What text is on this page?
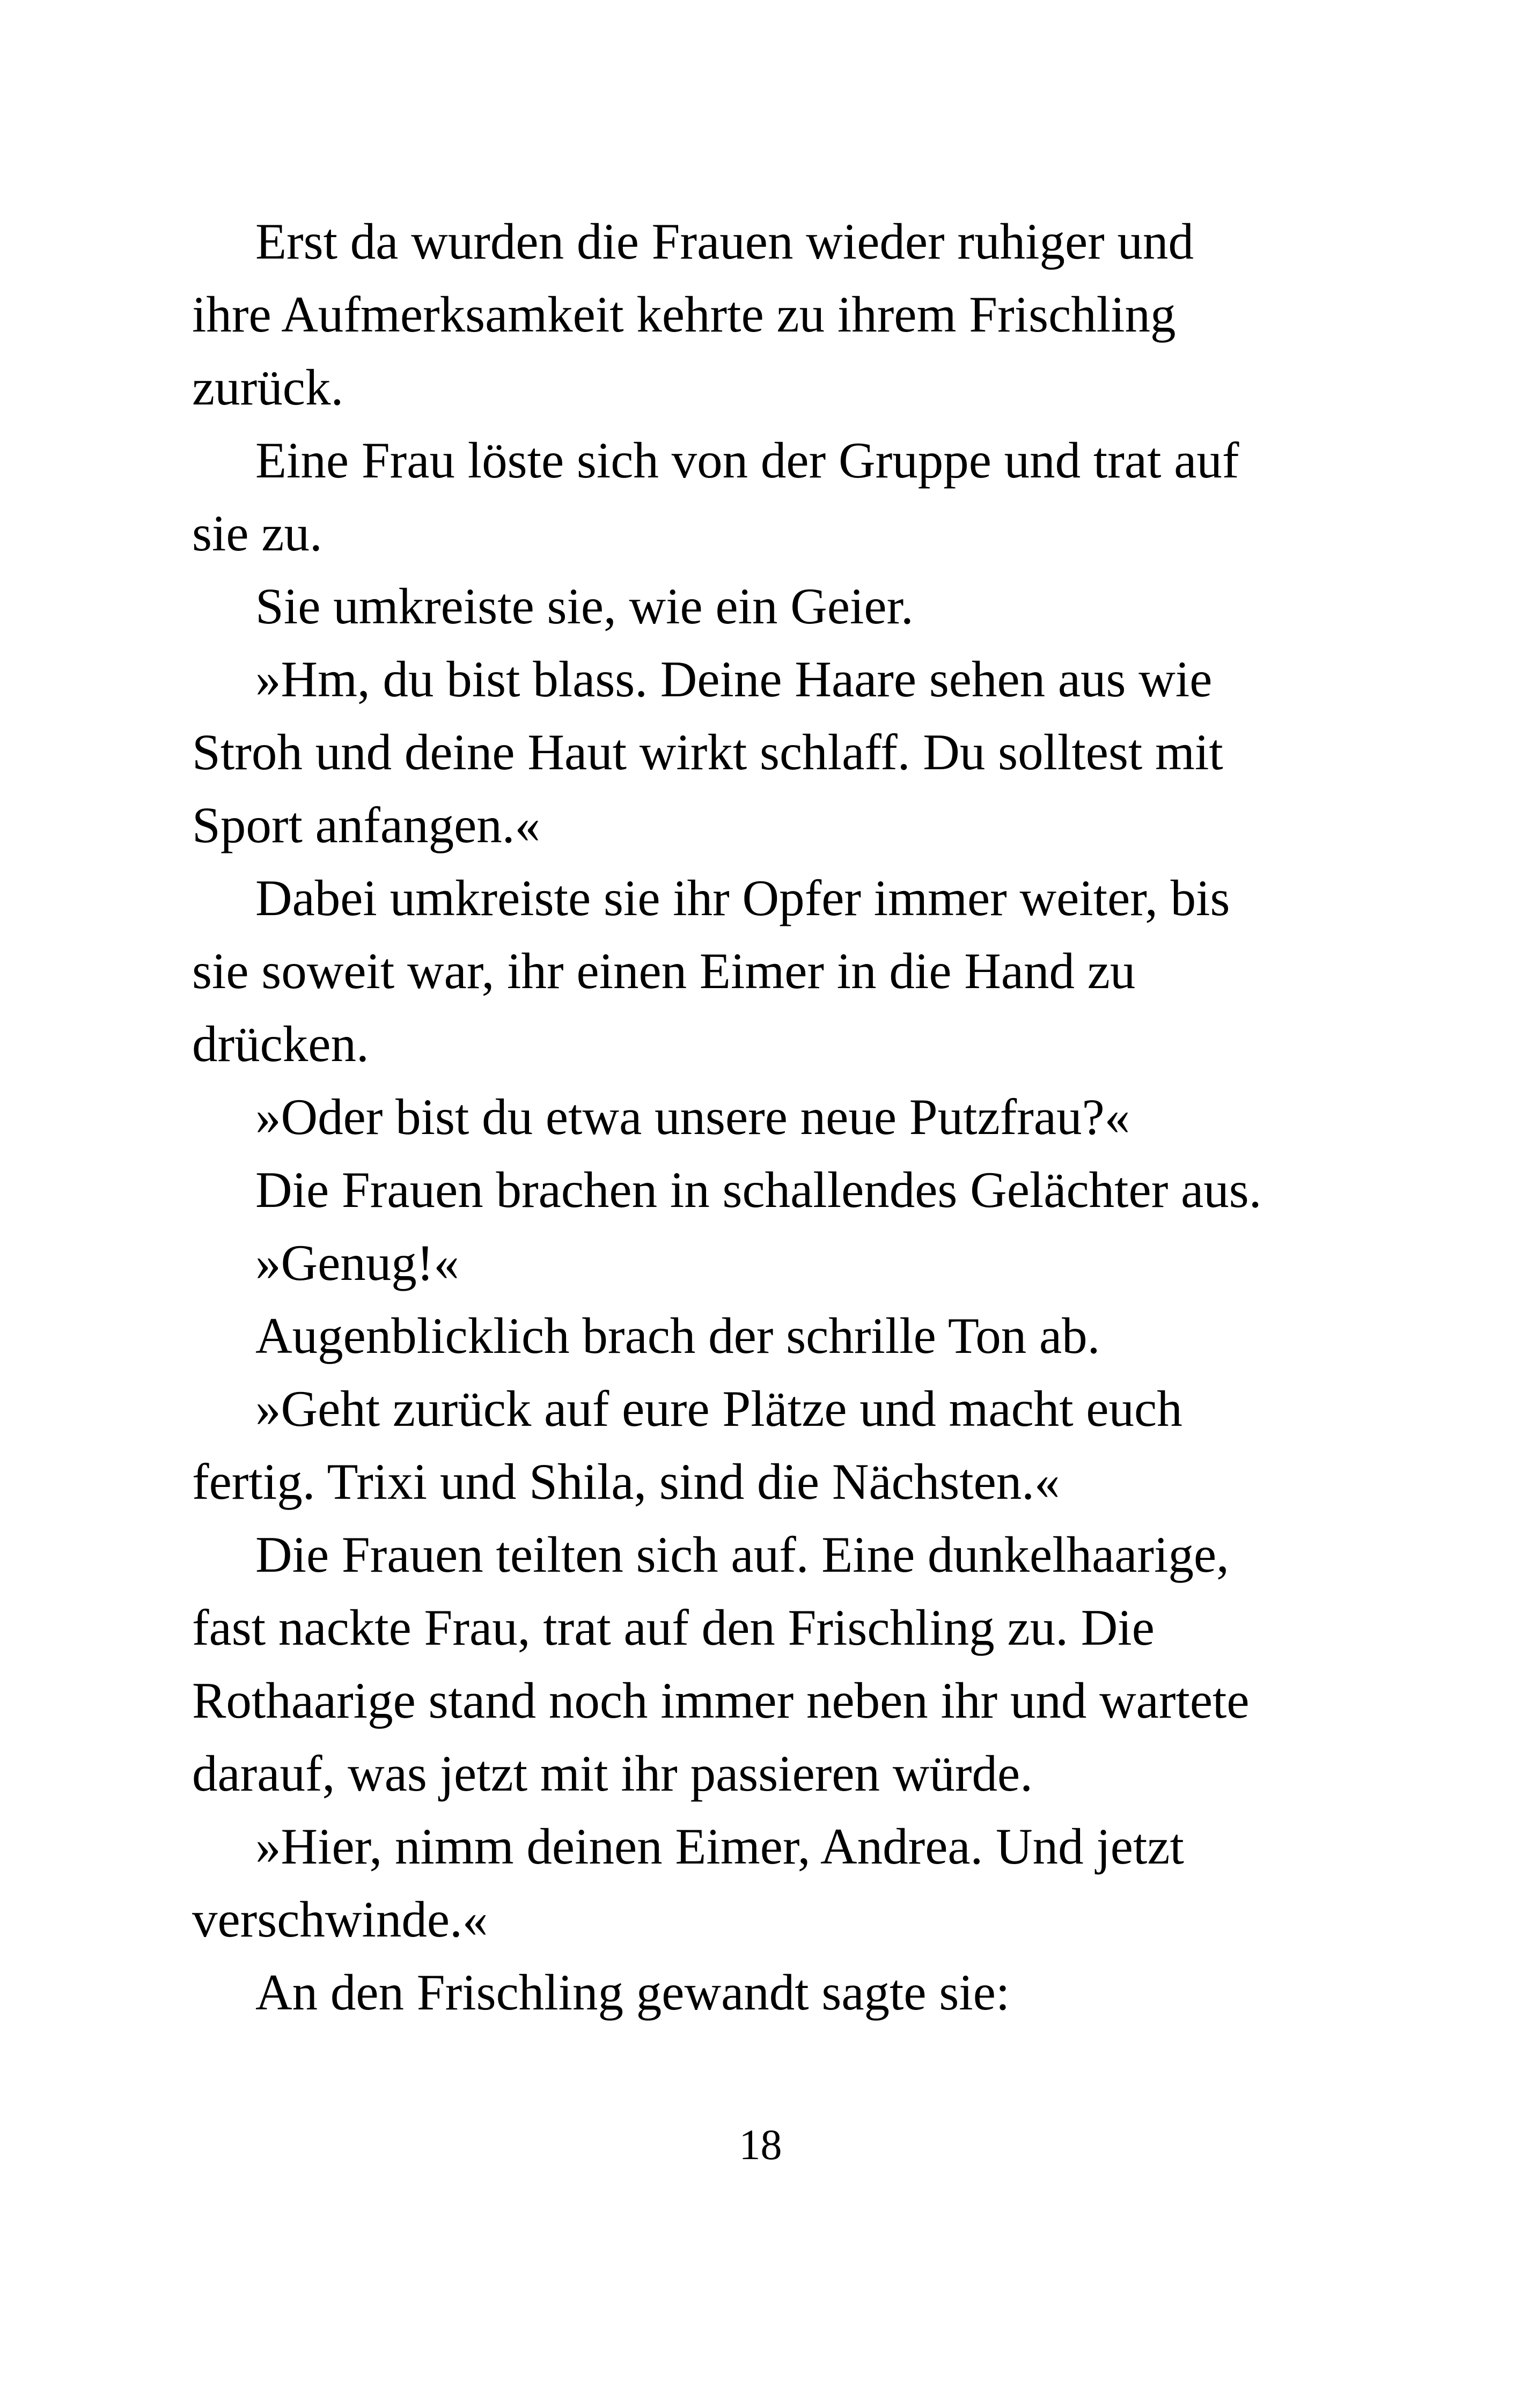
Erst da wurden die Frauen wieder ruhiger und
ihre Aufmerksamkeit kehrte zu ihrem Frischling
zurück.

Eine Frau löste sich von der Gruppe und trat auf
sie zu.

Sie umkreiste sie, wie ein Geier.

»Hm, du bist blass. Deine Haare sehen aus wie
Stroh und deine Haut wirkt schlaff. Du solltest mit
Sport anfangen.«

Dabei umkreiste sie ihr Opfer immer weiter, bis
sie soweit war, ihr einen Eimer in die Hand zu
drücken.

»Oder bist du etwa unsere neue Putzfrau?«

Die Frauen brachen in schallendes Gelächter aus.

»Genug!«

Augenblicklich brach der schrille Ton ab.

»Geht zurück auf eure Plätze und macht euch
fertig. Trixi und Shila, sind die Nächsten.«

Die Frauen teilten sich auf. Eine dunkelhaarige,
fast nackte Frau, trat auf den Frischling zu. Die
Rothaarige stand noch immer neben ihr und wartete
darauf, was jetzt mit ihr passieren würde.

»Hier, nimm deinen Eimer, Andrea. Und jetzt
verschwinde.«

An den Frischling gewandt sagte sie:

18
